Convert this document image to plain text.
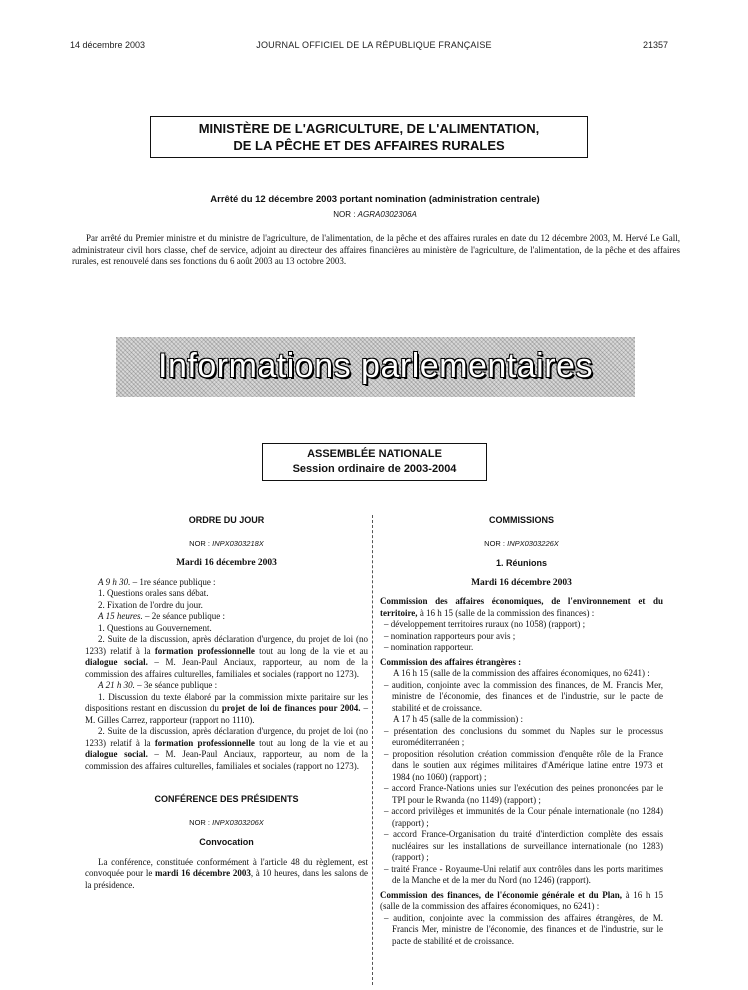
14 décembre 2003	JOURNAL OFFICIEL DE LA RÉPUBLIQUE FRANÇAISE	21357
MINISTÈRE DE L'AGRICULTURE, DE L'ALIMENTATION,
DE LA PÊCHE ET DES AFFAIRES RURALES
Arrêté du 12 décembre 2003 portant nomination (administration centrale)
NOR : AGRA0302306A

Par arrêté du Premier ministre et du ministre de l'agriculture, de l'alimentation, de la pêche et des affaires rurales en date du 12 décembre 2003, M. Hervé Le Gall, administrateur civil hors classe, chef de service, adjoint au directeur des affaires financières au ministère de l'agriculture, de l'alimentation, de la pêche et des affaires rurales, est renouvelé dans ses fonctions du 6 août 2003 au 13 octobre 2003.

Informations parlementaires
ASSEMBLÉE NATIONALE
Session ordinaire de 2003-2004
ORDRE DU JOUR
NOR : INPX0303218X
Mardi 16 décembre 2003

A 9 h 30. – 1re séance publique :

1. Questions orales sans débat.

2. Fixation de l'ordre du jour.

A 15 heures. – 2e séance publique :

1. Questions au Gouvernement.

2. Suite de la discussion, après déclaration d'urgence, du projet de loi (no 1233) relatif à la formation professionnelle tout au long de la vie et au dialogue social. – M. Jean-Paul Anciaux, rapporteur, au nom de la commission des affaires culturelles, familiales et sociales (rapport no 1273).

A 21 h 30. – 3e séance publique :

1. Discussion du texte élaboré par la commission mixte paritaire sur les dispositions restant en discussion du projet de loi de finances pour 2004. – M. Gilles Carrez, rapporteur (rapport no 1110).

2. Suite de la discussion, après déclaration d'urgence, du projet de loi (no 1233) relatif à la formation professionnelle tout au long de la vie et au dialogue social. – M. Jean-Paul Anciaux, rapporteur, au nom de la commission des affaires culturelles, familiales et sociales (rapport no 1273).

CONFÉRENCE DES PRÉSIDENTS
NOR : INPX0303206X
Convocation

La conférence, constituée conformément à l'article 48 du règlement, est convoquée pour le mardi 16 décembre 2003, à 10 heures, dans les salons de la présidence.

COMMISSIONS
NOR : INPX0303226X
1. Réunions
Mardi 16 décembre 2003

Commission des affaires économiques, de l'environnement et du territoire, à 16 h 15 (salle de la commission des finances) :

– développement territoires ruraux (no 1058) (rapport) ;

– nomination rapporteurs pour avis ;

– nomination rapporteur.

Commission des affaires étrangères :

A 16 h 15 (salle de la commission des affaires économiques, no 6241) :

– audition, conjointe avec la commission des finances, de M. Francis Mer, ministre de l'économie, des finances et de l'industrie, sur le pacte de stabilité et de croissance.

A 17 h 45 (salle de la commission) :

– présentation des conclusions du sommet du Naples sur le processus euroméditerranéen ;

– proposition résolution création commission d'enquête rôle de la France dans le soutien aux régimes militaires d'Amérique latine entre 1973 et 1984 (no 1060) (rapport) ;

– accord France-Nations unies sur l'exécution des peines prononcées par le TPI pour le Rwanda (no 1149) (rapport) ;

– accord privilèges et immunités de la Cour pénale internationale (no 1284) (rapport) ;

– accord France-Organisation du traité d'interdiction complète des essais nucléaires sur les installations de surveillance internationale (no 1283) (rapport) ;

– traité France - Royaume-Uni relatif aux contrôles dans les ports maritimes de la Manche et de la mer du Nord (no 1246) (rapport).

Commission des finances, de l'économie générale et du Plan, à 16 h 15 (salle de la commission des affaires économiques, no 6241) :

– audition, conjointe avec la commission des affaires étrangères, de M. Francis Mer, ministre de l'économie, des finances et de l'industrie, sur le pacte de stabilité et de croissance.
